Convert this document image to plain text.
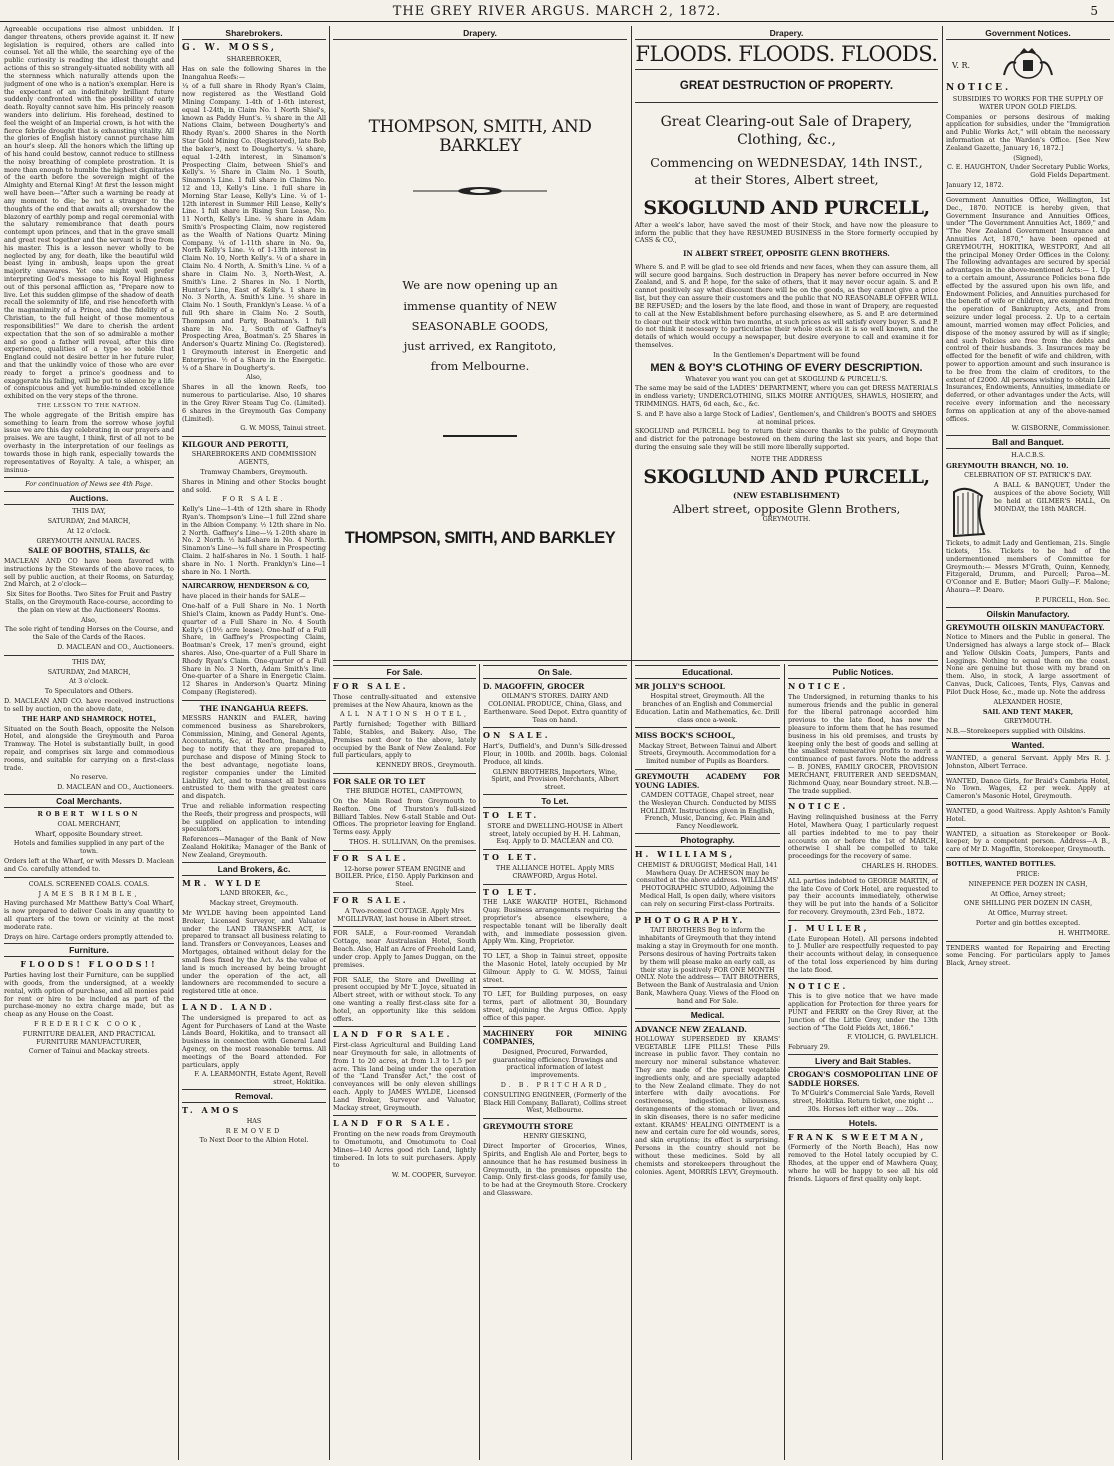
THE GREY RIVER ARGUS. MARCH 2, 1872.	5

Agreeable occupations rise almost unbidden. If danger threatens, others provide against it. If new legislation is required, others are called into counsel. Yet all the while, the searching eye of the public curiosity is reading the idlest thought and actions of this so strangely-situated nobility with all the sternness which naturally attends upon the judgment of one who is a nation's exemplar. Here is the expectant of an indefinitely brilliant future suddenly confronted with the possibility of early death. Royalty cannot save him. His princely reason wanders into delirium. His forehead, destined to feel the weight of an Imperial crown, is hot with the fierce febrile drought that is exhausting vitality. All the glories of English history cannot purchase him an hour's sleep. All the honors which the lifting up of his hand could bestow, cannot reduce to stillness the noisy breathing of complete prostration. It is more than enough to humble the highest dignitaries of the earth before the sovereign might of the Almighty and Eternal King! At first the lesson might well have been—"After such a warning be ready at any moment to die; be not a stranger to the thoughts of the end that awaits all; overshadow the blazonry of earthly pomp and regal ceremonial with the salutary remembrance that death pours contempt upon princes, and that in the grave small and great rest together and the servant is free from his master. This is a lesson never wholly to be neglected by any, for death, like the beautiful wild beast lying in ambush, leaps upon the great majority unawares. Yet one might well prefer interpreting God's message to his Royal Highness out of this personal affliction as, "Prepare now to live. Let this sudden glimpse of the shadow of death recall the solemnity of life, and rise henceforth with the magnanimity of a Prince, and the fidelity of a Christian, to the full height of those momentous responsibilities!" We dare to cherish the ardent expectation that the son of so admirable a mother and so good a father will reveal, after this dire experience, qualities of a type so noble that England could not desire better in her future ruler, and that the unkindly voice of those who are ever ready to forget a prince's goodness and to exaggerate his failing, will be put to silence by a life of conspicuous and yet humble-minded excellence exhibited on the very steps of the throne.

THE LESSON TO THE NATION.

The whole aggregate of the British empire has something to learn from the sorrow whose joyful issue we are this day celebrating in our prayers and praises. We are taught, I think, first of all not to be overhasty in the interpretation of our feelings as towards those in high rank, especially towards the representatives of Royalty. A tale, a whisper, an insinua-

For continuation of News see 4th Page.

Auctions.

THIS DAY,

SATURDAY, 2nd MARCH,

At 12 o'clock.

GREYMOUTH ANNUAL RACES.

SALE OF BOOTHS, STALLS, &c

MACLEAN AND CO have been favored with instructions by the Stewards of the above races, to sell by public auction, at their Rooms, on Saturday, 2nd March, at 2 o'clock—

Six Sites for Booths. Two Sites for Fruit and Pastry Stalls, on the Greymouth Race-course, according to the plan on view at the Auctioneers' Rooms.

Also,

The sole right of tending Horses on the Course, and the Sale of the Cards of the Races.

D. MACLEAN and CO., Auctioneers.

THIS DAY,

SATURDAY, 2nd MARCH,

At 3 o'clock.

To Speculators and Others.

D. MACLEAN AND CO. have received instructions to sell by auction, on the above date,

THE HARP AND SHAMROCK HOTEL,

Situated on the South Beach, opposite the Nelson Hotel, and alongside the Greymouth and Paroa Tramway. The Hotel is substantially built, in good repair, and comprises six large and commodious rooms, and suitable for carrying on a first-class trade.

No reserve.

D. MACLEAN and CO., Auctioneers.

Coal Merchants.

ROBERT WILSON

COAL MERCHANT,

Wharf, opposite Boundary street.

Hotels and families supplied in any part of the town.

Orders left at the Wharf, or with Messrs D. Maclean and Co. carefully attended to.

COALS. SCREENED COALS. COALS.

JAMES BRIMBLE,

Having purchased Mr Matthew Batty's Coal Wharf, is now prepared to deliver Coals in any quantity to all quarters of the town or vicinity at the most moderate rate.

Drays on hire. Cartage orders promptly attended to.

Furniture.

FLOODS! FLOODS!!

Parties having lost their Furniture, can be supplied with goods, from the undersigned, at a weekly rental, with option of purchase, and all monies paid for rent or hire to be included as part of the purchase-money no extra charge made, but as cheap as any House on the Coast.

FREDERICK COOK,

FURNITURE DEALER, AND PRACTICAL FURNITURE MANUFACTURER,

Corner of Tainui and Mackay streets.

Sharebrokers.

G. W. MOSS,

SHAREBROKER,

Has on sale the following Shares in the Inangahua Reefs:—

¼ of a full share in Rhody Ryan's Claim, now registered as the Westland Gold Mining Company. 1-4th of 1-6th interest, equal 1-24th, in Claim No. 1 North Shiel's, known as Paddy Hunt's. ¼ share in the All Nations Claim, between Dougherty's and Rhody Ryan's. 2000 Shares in the North Star Gold Mining Co. (Registered), late Bob the baker's, next to Dougherty's. ¼ share, equal 1-24th interest, in Sinamon's Prospecting Claim, between Shiel's and Kelly's. ½ Share in Claim No. 1 South, Sinamon's Line. 1 full share in Claims No. 12 and 13, Kelly's Line. 1 full share in Morning Star Lease, Kelly's Line. ¼ of 1-12th interest in Summer Hill Lease, Kelly's Line. 1 full share in Rising Sun Lease, No. 11 North, Kelly's Line. ¼ share in Adam Smith's Prospecting Claim, now registered as the Wealth of Nations Quartz Mining Company. ¼ of 1-11th share in No. 9a, North Kelly's Line. ¼ of 1-13th interest in Claim No. 10, North Kelly's. ¼ of a share in Claim No. 4 North, A. Smith's Line. ¼ of a share in Claim No. 3, North-West, A. Smith's Line. 2 Shares in No. 1 North, Hunter's Line, East of Kelly's. 1 share in No. 3 North, A. Smith's Line. ½ share in Claim No. 1 South, Franklyn's Lease. ¼ of a full 9th share in Claim No. 2 South, Thompson and Party, Boatman's. 1 full share in No. 1, South of Gaffney's Prospecting Area, Boatman's. 25 Shares in Anderson's Quartz Mining Co. (Registered). 1 Greymouth interest in Energetic and Enterprise. ½ of a Share in the Energetic. ¼ of a Share in Dougherty's.

Also,

Shares in all the known Reefs, too numerous to particularise. Also, 10 shares in the Grey River Steam Tug Co. (Limited). 6 shares in the Greymouth Gas Company (Limited).

G. W. MOSS, Tainui street.

KILGOUR AND PEROTTI,

SHAREBROKERS AND COMMISSION AGENTS,

Tramway Chambers, Greymouth.

Shares in Mining and other Stocks bought and sold.

FOR SALE.

Kelly's Line—1-4th of 12th share in Rhody Ryan's. Thompson's Line—1 full 22nd share in the Albion Company. ½ 12th share in No. 2 North. Gaffney's Line—¼ 1-20th share in No. 2 North. ½ half-share in No. 4 North. Sinamon's Line—¼ full share in Prospecting Claim. 2 half-shares in No. 1 South. 1 half-share in No. 1 North. Franklyn's Line—1 share in No. 1 North.

NAIRCARROW, HENDERSON & CO,

have placed in their hands for SALE—

One-half of a Full Share in No. 1 North Shiel's Claim, known as Paddy Hunt's. One-quarter of a Full Share in No. 4 South Kelly's (10½ acre lease). One-half of a Full Share, in Gaffney's Prospecting Claim, Boatman's Creek, 17 men's ground, eight shares. Also, One-quarter of a Full Share in Rhody Ryan's Claim. One-quarter of a Full Share in No. 3 North, Adam Smith's line. One-quarter of a Share in Energetic Claim. 12 Shares in Anderson's Quartz Mining Company (Registered).

THE INANGAHUA REEFS.

MESSRS HANKIN and FALER, having commenced business as Sharebrokers, Commission, Mining, and General Agents, Accountants, &c, at Reefton, Inangahua, beg to notify that they are prepared to purchase and dispose of Mining Stock to the best advantage, negotiate loans, register companies under the Limited Liability Act, and to transact all business entrusted to them with the greatest care and dispatch.

True and reliable information respecting the Reefs, their progress and prospects, will be supplied on application to intending speculators.

References—Manager of the Bank of New Zealand Hokitika; Manager of the Bank of New Zealand, Greymouth.

Land Brokers, &c.

MR. WYLDE

LAND BROKER, &c.,

Mackay street, Greymouth.

Mr WYLDE having been appointed Land Broker, Licensed Surveyor, and Valuator under the LAND TRANSFER ACT, is prepared to transact all business relating to land. Transfers or Conveyances, Leases and Mortgages, obtained without delay for the small fees fixed by the Act. As the value of land is much increased by being brought under the operation of the act, all landowners are recommended to secure a registered title at once.

LAND. LAND.

The undersigned is prepared to act as Agent for Purchasers of Land at the Waste Lands Board, Hokitika, and to transact all business in connection with General Land Agency, on the most reasonable terms. All meetings of the Board attended. For particulars, apply

F. A. LEARMONTH, Estate Agent, Revell street, Hokitika.

Removal.

T. AMOS

HAS

REMOVED

To Next Door to the Albion Hotel.

Drapery.
THOMPSON, SMITH, AND BARKLEY
We are now opening up an
immense quantity of NEW
SEASONABLE GOODS,
just arrived, ex Rangitoto,
from Melbourne.
THOMPSON, SMITH, AND BARKLEY
For Sale.

FOR SALE.

Those centrally-situated and extensive premises at the New Ahaura, known as the

ALL NATIONS HOTEL,

Partly furnished; Together with Billiard Table, Stables, and Bakery. Also, The Premises next door to the above, lately occupied by the Bank of New Zealand. For full particulars, apply to

KENNEDY BROS., Greymouth.

FOR SALE OR TO LET

THE BRIDGE HOTEL, CAMPTOWN,

On the Main Road from Greymouth to Reefton. One of Thurston's full-sized Billiard Tables. New 6-stall Stable and Out-Offices. The proprietor leaving for England. Terms easy. Apply

THOS. H. SULLIVAN, On the premises.

FOR SALE.

12-horse power STEAM ENGINE and BOILER. Price, £150. Apply Parkinson and Steel.

FOR SALE.

A Two-roomed COTTAGE. Apply Mrs M'GILLIVRAY, last house in Albert street.

FOR SALE, a Four-roomed Verandah Cottage, near Australasian Hotel, South Beach. Also, Half an Acre of Freehold Land, under crop. Apply to James Duggan, on the premises.

FOR SALE, the Store and Dwelling at present occupied by Mr T. Joyce, situated in Albert street, with or without stock. To any one wanting a really first-class site for a hotel, an opportunity like this seldom offers.

LAND FOR SALE.

First-class Agricultural and Building Land near Greymouth for sale, in allotments of from 1 to 20 acres, at from 1.3 to 1.5 per acre. This land being under the operation of the "Land Transfer Act," the cost of conveyances will be only eleven shillings each. Apply to JAMES WYLDE, Licensed Land Broker, Surveyor and Valuator, Mackay street, Greymouth.

LAND FOR SALE.

Fronting on the new roads from Greymouth to Omotumotu, and Omotumotu to Coal Mines—140 Acres good rich Land, lightly timbered. In lots to suit purchasers. Apply to

W. M. COOPER, Surveyor.

On Sale.

D. MAGOFFIN, GROCER

OILMAN'S STORES. DAIRY AND COLONIAL PRODUCE, China, Glass, and Earthenware. Seed Depot. Extra quantity of Teas on hand.

ON SALE.

Hart's, Duffield's, and Dunn's Silk-dressed Flour, in 100lb. and 200lb. bags. Colonial Produce, all kinds.

GLENN BROTHERS, Importers, Wine, Spirit, and Provision Merchants, Albert street.

To Let.

TO LET.

STORE and DWELLING-HOUSE in Albert street, lately occupied by H. H. Lahman, Esq. Apply to D. MACLEAN and CO.

TO LET.

THE ALLIANCE HOTEL. Apply MRS CRAWFORD, Argus Hotel.

TO LET.

THE LAKE WAKATIP HOTEL, Richmond Quay. Business arrangements requiring the proprietor's absence elsewhere, a respectable tenant will be liberally dealt with, and immediate possession given. Apply Wm. King, Proprietor.

TO LET, a Shop in Tainui street, opposite the Masonic Hotel, lately occupied by Mr Gilmour. Apply to G. W. MOSS, Tainui street.

TO LET, for Building purposes, on easy terms, part of allotment 30, Boundary street, adjoining the Argus Office. Apply office of this paper.

MACHINERY FOR MINING COMPANIES,

Designed, Procured, Forwarded, guaranteeing efficiency. Drawings and practical information of latest improvements.

D. B. PRITCHARD,

CONSULTING ENGINEER, (Formerly of the Black Hill Company, Ballarat), Collins street West, Melbourne.

GREYMOUTH STORE

HENRY GIESKING,

Direct Importer of Groceries, Wines, Spirits, and English Ale and Porter, begs to announce that he has resumed business in Greymouth, in the premises opposite the Camp. Only first-class goods, for family use, to be had at the Greymouth Store. Crockery and Glassware.

Drapery.
FLOODS. FLOODS. FLOODS.
GREAT DESTRUCTION OF PROPERTY.
Great Clearing-out Sale of Drapery,
Clothing, &c.,
Commencing on WEDNESDAY, 14th INST.,
at their Stores, Albert street,
SKOGLUND AND PURCELL,

After a week's labor, have saved the most of their Stock, and have now the pleasure to inform the public that they have RESUMED BUSINESS in the Store formerly occupied by CASS & CO.,

IN ALBERT STREET, OPPOSITE GLENN BROTHERS.

Where S. and P. will be glad to see old friends and new faces, when they can assure them, all will secure good bargains. Such destruction in Drapery has never before occurred in New Zealand, and S. and P. hope, for the sake of others, that it may never occur again. S. and P. cannot positively say what discount there will be on the goods, as they cannot give a price list, but they can assure their customers and the public that NO REASONABLE OFFER WILL BE REFUSED; and the losers by the late flood, and those in want of Drapery, are requested to call at the New Establishment before purchasing elsewhere, as S. and P. are determined to clear out their stock within two months, at such prices as will satisfy every buyer. S. and P. do not think it necessary to particularise their whole stock as it is so well known, and the details of which would occupy a newspaper, but desire everyone to call and examine it for themselves.

In the Gentlemen's Department will be found

MEN & BOY'S CLOTHING OF EVERY DESCRIPTION.

Whatever you want you can get at SKOGLUND & PURCELL'S.

The same may be said of the LADIES' DEPARTMENT, where you can get DRESS MATERIALS in endless variety; UNDERCLOTHING, SILKS MOIRE ANTIQUES, SHAWLS, HOSIERY, and TRIMMINGS. HATS, 6d each, &c., &c.

S. and P. have also a large Stock of Ladies', Gentlemen's, and Children's BOOTS and SHOES at nominal prices.

SKOGLUND and PURCELL beg to return their sincere thanks to the public of Greymouth and district for the patronage bestowed on them during the last six years, and hope that during the ensuing sale they will be still more liberally supported.

NOTE THE ADDRESS

SKOGLUND AND PURCELL,

(NEW ESTABLISHMENT)

Albert street, opposite Glenn Brothers,

GREYMOUTH.

Educational.

MR JOLLY'S SCHOOL

Hospital street, Greymouth. All the branches of an English and Commercial Education. Latin and Mathematics, &c. Drill class once a-week.

MISS BOCK'S SCHOOL,

Mackay Street, Between Tainui and Albert Streets, Greymouth. Accommodation for a limited number of Pupils as Boarders.

GREYMOUTH ACADEMY FOR YOUNG LADIES.

CAMDEN COTTAGE, Chapel street, near the Wesleyan Church. Conducted by MISS HOLLIDAY. Instructions given in English, French, Music, Dancing, &c. Plain and Fancy Needlework.

Photography.

H. WILLIAMS,

CHEMIST & DRUGGIST, Medical Hall, 141 Mawhera Quay. Dr ACHESON may be consulted at the above address. WILLIAMS' PHOTOGRAPHIC STUDIO, Adjoining the Medical Hall, Is open daily, where visitors can rely on securing First-class Portraits.

PHOTOGRAPHY.

TAIT BROTHERS Beg to inform the inhabitants of Greymouth that they intend making a stay in Greymouth for one month. Persons desirous of having Portraits taken by them will please make an early call, as their stay is positively FOR ONE MONTH ONLY. Note the address— TAIT BROTHERS, Between the Bank of Australasia and Union Bank, Mawhera Quay. Views of the Flood on hand and For Sale.

Medical.

ADVANCE NEW ZEALAND.

HOLLOWAY SUPERSEDED BY KRAMS' VEGETABLE LIFE PILLS! These Pills increase in public favor. They contain no mercury nor mineral substance whatever. They are made of the purest vegetable ingredients only, and are specially adapted to the New Zealand climate. They do not interfere with daily avocations. For costiveness, indigestion, biliousness, derangements of the stomach or liver, and in skin diseases, there is no safer medicine extant. KRAMS' HEALING OINTMENT is a new and certain cure for old wounds, sores, and skin eruptions; its effect is surprising. Persons in the country should not be without these medicines. Sold by all chemists and storekeepers throughout the colonies. Agent, MORRIS LEVY, Greymouth.

Public Notices.

NOTICE.

The Undersigned, in returning thanks to his numerous friends and the public in general for the liberal patronage accorded him previous to the late flood, has now the pleasure to inform them that he has resumed business in his old premises, and trusts by keeping only the best of goods and selling at the smallest remunerative profits to merit a continuance of past favors. Note the address— B. JONES, FAMILY GROCER, PROVISION MERCHANT, FRUITERER AND SEEDSMAN, Richmond Quay, near Boundary street. N.B.—The trade supplied.

NOTICE.

Having relinquished business at the Ferry Hotel, Mawhera Quay, I particularly request all parties indebted to me to pay their accounts on or before the 1st of MARCH, otherwise I shall be compelled to take proceedings for the recovery of same.

CHARLES H. RHODES.

ALL parties indebted to GEORGE MARTIN, of the late Cove of Cork Hotel, are requested to pay their accounts immediately, otherwise they will be put into the hands of a Solicitor for recovery. Greymouth, 23rd Feb., 1872.

J. MULLER,

(Late European Hotel). All persons indebted to J. Muller are respectfully requested to pay their accounts without delay, in consequence of the total loss experienced by him during the late flood.

NOTICE.

This is to give notice that we have made application for Protection for three years for PUNT and FERRY on the Grey River, at the Junction of the Little Grey, under the 13th section of "The Gold Fields Act, 1866."

F. VIOLICH, G. PAVLELICH.

February 29.

Livery and Bait Stables.

CROGAN'S COSMOPOLITAN LINE OF SADDLE HORSES.

To M'Guirk's Commercial Sale Yards, Revell street, Hokitika. Return ticket, one night ... 30s. Horses left either way ... 20s.

Hotels.

FRANK SWEETMAN,

(Formerly of the North Beach), Has now removed to the Hotel lately occupied by C. Rhodes, at the upper end of Mawhera Quay, where he will be happy to see all his old friends. Liquors of first quality only kept.

Government Notices.
V. R.

NOTICE.

SUBSIDIES TO WORKS FOR THE SUPPLY OF WATER UPON GOLD FIELDS.

Companies or persons desirous of making application for subsidies, under the "Immigration and Public Works Act," will obtain the necessary information at the Warden's Office. [See New Zealand Gazette, January 16, 1872.]

(Signed),

C. E. HAUGHTON, Under Secretary Public Works, Gold Fields Department.

January 12, 1872.

Government Annuities Office, Wellington, 1st Dec., 1870. NOTICE is hereby given, that Government Insurance and Annuities Offices, under "The Government Annuities Act, 1869," and "The New Zealand Government Insurance and Annuities Act, 1870," have been opened at GREYMOUTH, HOKITIKA, WESTPORT, And all the principal Money Order Offices in the Colony. The following advantages are secured by special advantages in the above-mentioned Acts:— 1. Up to a certain amount, Assurance Policies bona fide effected by the assured upon his own life, and Endowment Policies, and Annuities purchased for the benefit of wife or children, are exempted from the operation of Bankruptcy Acts, and from seizure under legal process. 2. Up to a certain amount, married women may effect Policies, and dispose of the money assured by will as if single; and such Policies are free from the debts and control of their husbands. 3. Insurances may be effected for the benefit of wife and children, with power to apportion amount and such insurance is to be free from the claim of creditors, to the extent of £2000. All persons wishing to obtain Life Insurances, Endowments, Annuities, immediate or deferred, or other advantages under the Acts, will receive every information and the necessary forms on application at any of the above-named offices.

W. GISBORNE, Commissioner.

Ball and Banquet.

H.A.C.B.S.

GREYMOUTH BRANCH, NO. 10.

CELEBRATION OF ST. PATRICK'S DAY.

A BALL & BANQUET, Under the auspices of the above Society, Will be held at GILMER'S HALL, On MONDAY, the 18th MARCH.

Tickets, to admit Lady and Gentleman, 21s. Single tickets, 15s. Tickets to be had of the undermentioned members of Committee for Greymouth:— Messrs M'Grath, Quinn, Kennedy, Fitzgerald, Drumm, and Purcell; Paroa—M. O'Connor and E. Butler; Maori Gully—F. Malone; Ahaura—P. Dearo.

P. PURCELL, Hon. Sec.

Oilskin Manufactory.

GREYMOUTH OILSKIN MANUFACTORY.

Notice to Miners and the Public in general. The Undersigned has always a large stock of— Black and Yellow Oilskin Coats, Jumpers, Pants and Leggings. Nothing to equal them on the coast. None are genuine but those with my brand on them. Also, in stock, A large assortment of Canvas, Duck, Calicoes, Tents, Flys, Canvas and Pilot Duck Hose, &c., made up. Note the address

ALEXANDER HOSIE,

SAIL AND TENT MAKER,

GREYMOUTH.

N.B.—Storekeepers supplied with Oilskins.

Wanted.

WANTED, a general Servant. Apply Mrs R. J. Johnston, Albert Terrace.

WANTED, Dance Girls, for Braid's Cambria Hotel, No Town. Wages, £2 per week. Apply at Cameron's Masonic Hotel, Greymouth.

WANTED, a good Waitress. Apply Ashton's Family Hotel.

WANTED, a situation as Storekeeper or Book-keeper, by a competent person. Address—A B., care of Mr D. Magoffin, Storekeeper, Greymouth.

BOTTLES, WANTED BOTTLES.

PRICE:

NINEPENCE PER DOZEN IN CASH,

At Office, Arney street;

ONE SHILLING PER DOZEN IN CASH,

At Office, Murray street.

Porter and gin bottles excepted.

H. WHITMORE.

TENDERS wanted for Repairing and Erecting some Fencing. For particulars apply to James Black, Arney street.
